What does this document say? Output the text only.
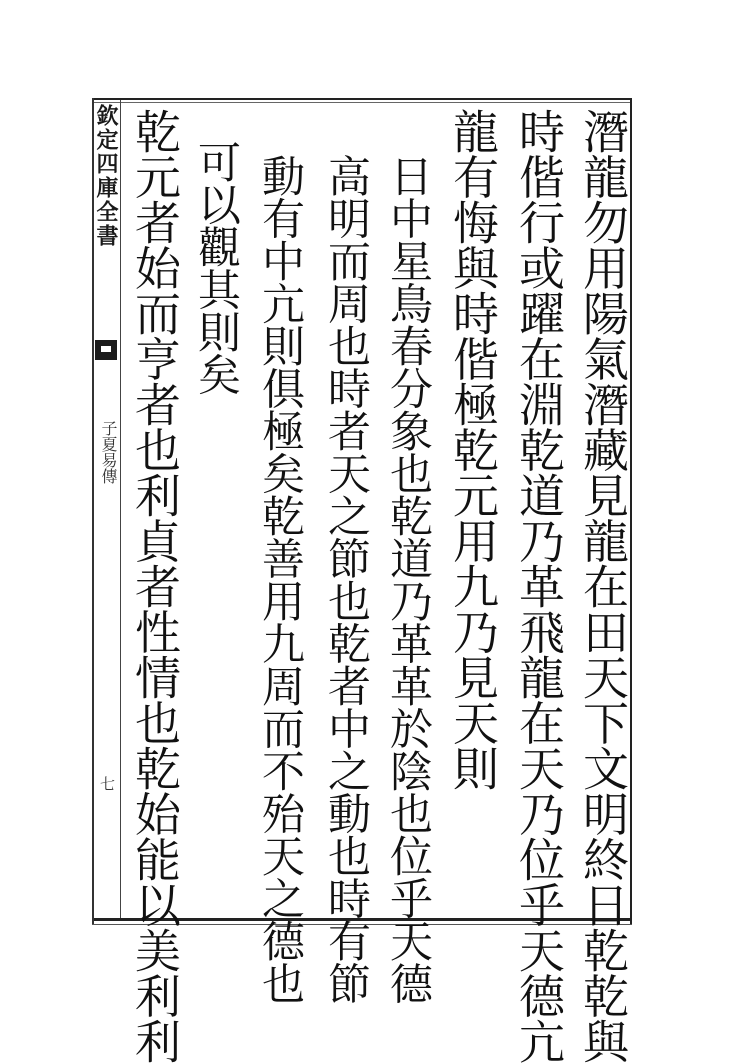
欽定四庫全書
子夏易傳
七	潛龍勿用陽氣潛藏見龍在田天下文明終日乾乾與
時偕行或躍在淵乾道乃革飛龍在天乃位乎天德亢
龍有悔與時偕極乾元用九乃見天則
日中星鳥春分象也乾道乃革革於陰也位乎天德
高明而周也時者天之節也乾者中之動也時有節
動有中亢則俱極矣乾善用九周而不殆天之德也
可以觀其則矣
乾元者始而亨者也利貞者性情也乾始能以美利利
